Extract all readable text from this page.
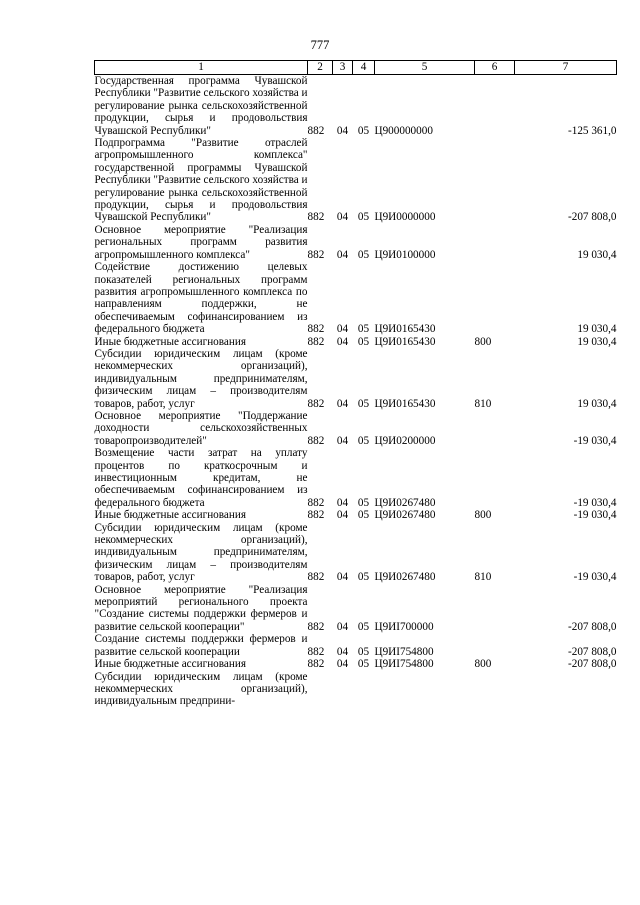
777
1	2	3	4	5	6	7
Государственная программа Чувашской Республики "Развитие сельского хозяйства и регулирование рынка сельскохозяйственной продукции, сырья и продовольствия Чувашской Республики"	882	04	05	Ц900000000		-125 361,0
Подпрограмма "Развитие отраслей агропромышленного комплекса" государственной программы Чувашской Республики "Развитие сельского хозяйства и регулирование рынка сельскохозяйственной продукции, сырья и продовольствия Чувашской Республики"	882	04	05	Ц9И0000000		-207 808,0
Основное мероприятие "Реализация региональных программ развития агропромышленного комплекса"	882	04	05	Ц9И0100000		19 030,4
Содействие достижению целевых показателей региональных программ развития агропромышленного комплекса по направлениям поддержки, не обеспечиваемым софинансированием из федерального бюджета	882	04	05	Ц9И0165430		19 030,4
Иные бюджетные ассигнования	882	04	05	Ц9И0165430	800	19 030,4
Субсидии юридическим лицам (кроме некоммерческих организаций), индивидуальным предпринимателям, физическим лицам – производителям товаров, работ, услуг	882	04	05	Ц9И0165430	810	19 030,4
Основное мероприятие "Поддержание доходности сельскохозяйственных товаропроизводителей"	882	04	05	Ц9И0200000		-19 030,4
Возмещение части затрат на уплату процентов по краткосрочным и инвестиционным кредитам, не обеспечиваемым софинансированием из федерального бюджета	882	04	05	Ц9И0267480		-19 030,4
Иные бюджетные ассигнования	882	04	05	Ц9И0267480	800	-19 030,4
Субсидии юридическим лицам (кроме некоммерческих организаций), индивидуальным предпринимателям, физическим лицам – производителям товаров, работ, услуг	882	04	05	Ц9И0267480	810	-19 030,4
Основное мероприятие "Реализация мероприятий регионального проекта "Создание системы поддержки фермеров и развитие сельской кооперации"	882	04	05	Ц9ИI700000		-207 808,0
Создание системы поддержки фермеров и развитие сельской кооперации	882	04	05	Ц9ИI754800		-207 808,0
Иные бюджетные ассигнования	882	04	05	Ц9ИI754800	800	-207 808,0
Субсидии юридическим лицам (кроме некоммерческих организаций), индивидуальным предприни-						
